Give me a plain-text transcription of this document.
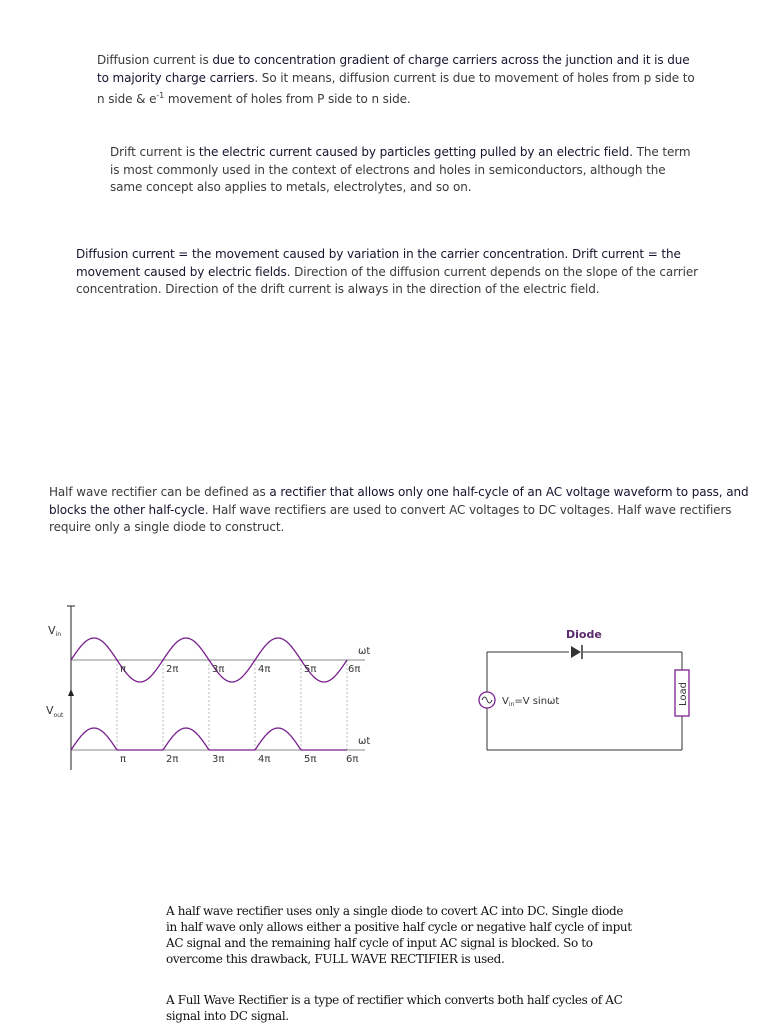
Diffusion current is due to concentration gradient of charge carriers across the junction and it is due to majority charge carriers. So it means, diffusion current is due to movement of holes from p side to n side & $e^{-1}$ movement of holes from P side to n side.

Drift current is the electric current caused by particles getting pulled by an electric field. The term is most commonly used in the context of electrons and holes in semiconductors, although the same concept also applies to metals, electrolytes, and so on.

Diffusion current = the movement caused by variation in the carrier concentration. Drift current = the movement caused by electric fields. Direction of the diffusion current depends on the slope of the carrier concentration. Direction of the drift current is always in the direction of the electric field.

Half wave rectifier can be defined as a rectifier that allows only one half-cycle of an AC voltage waveform to pass, and blocks the other half-cycle. Half wave rectifiers are used to convert AC voltages to DC voltages. Half wave rectifiers require only a single diode to construct.

Vin
$V_{out}$
ωt
ωt
π	2π	3π	4π	5π	6π
π	2π	3π	4π	5π	6π
Diode
$V_{in}=V$ sinωt	Load

A half wave rectifier uses only a single diode to covert AC into DC. Single diode in half wave only allows either a positive half cycle or negative half cycle of input AC signal and the remaining half cycle of input AC signal is blocked. So to overcome this drawback, FULL WAVE RECTIFIER is used.

A Full Wave Rectifier is a type of rectifier which converts both half cycles of AC signal into DC signal.
